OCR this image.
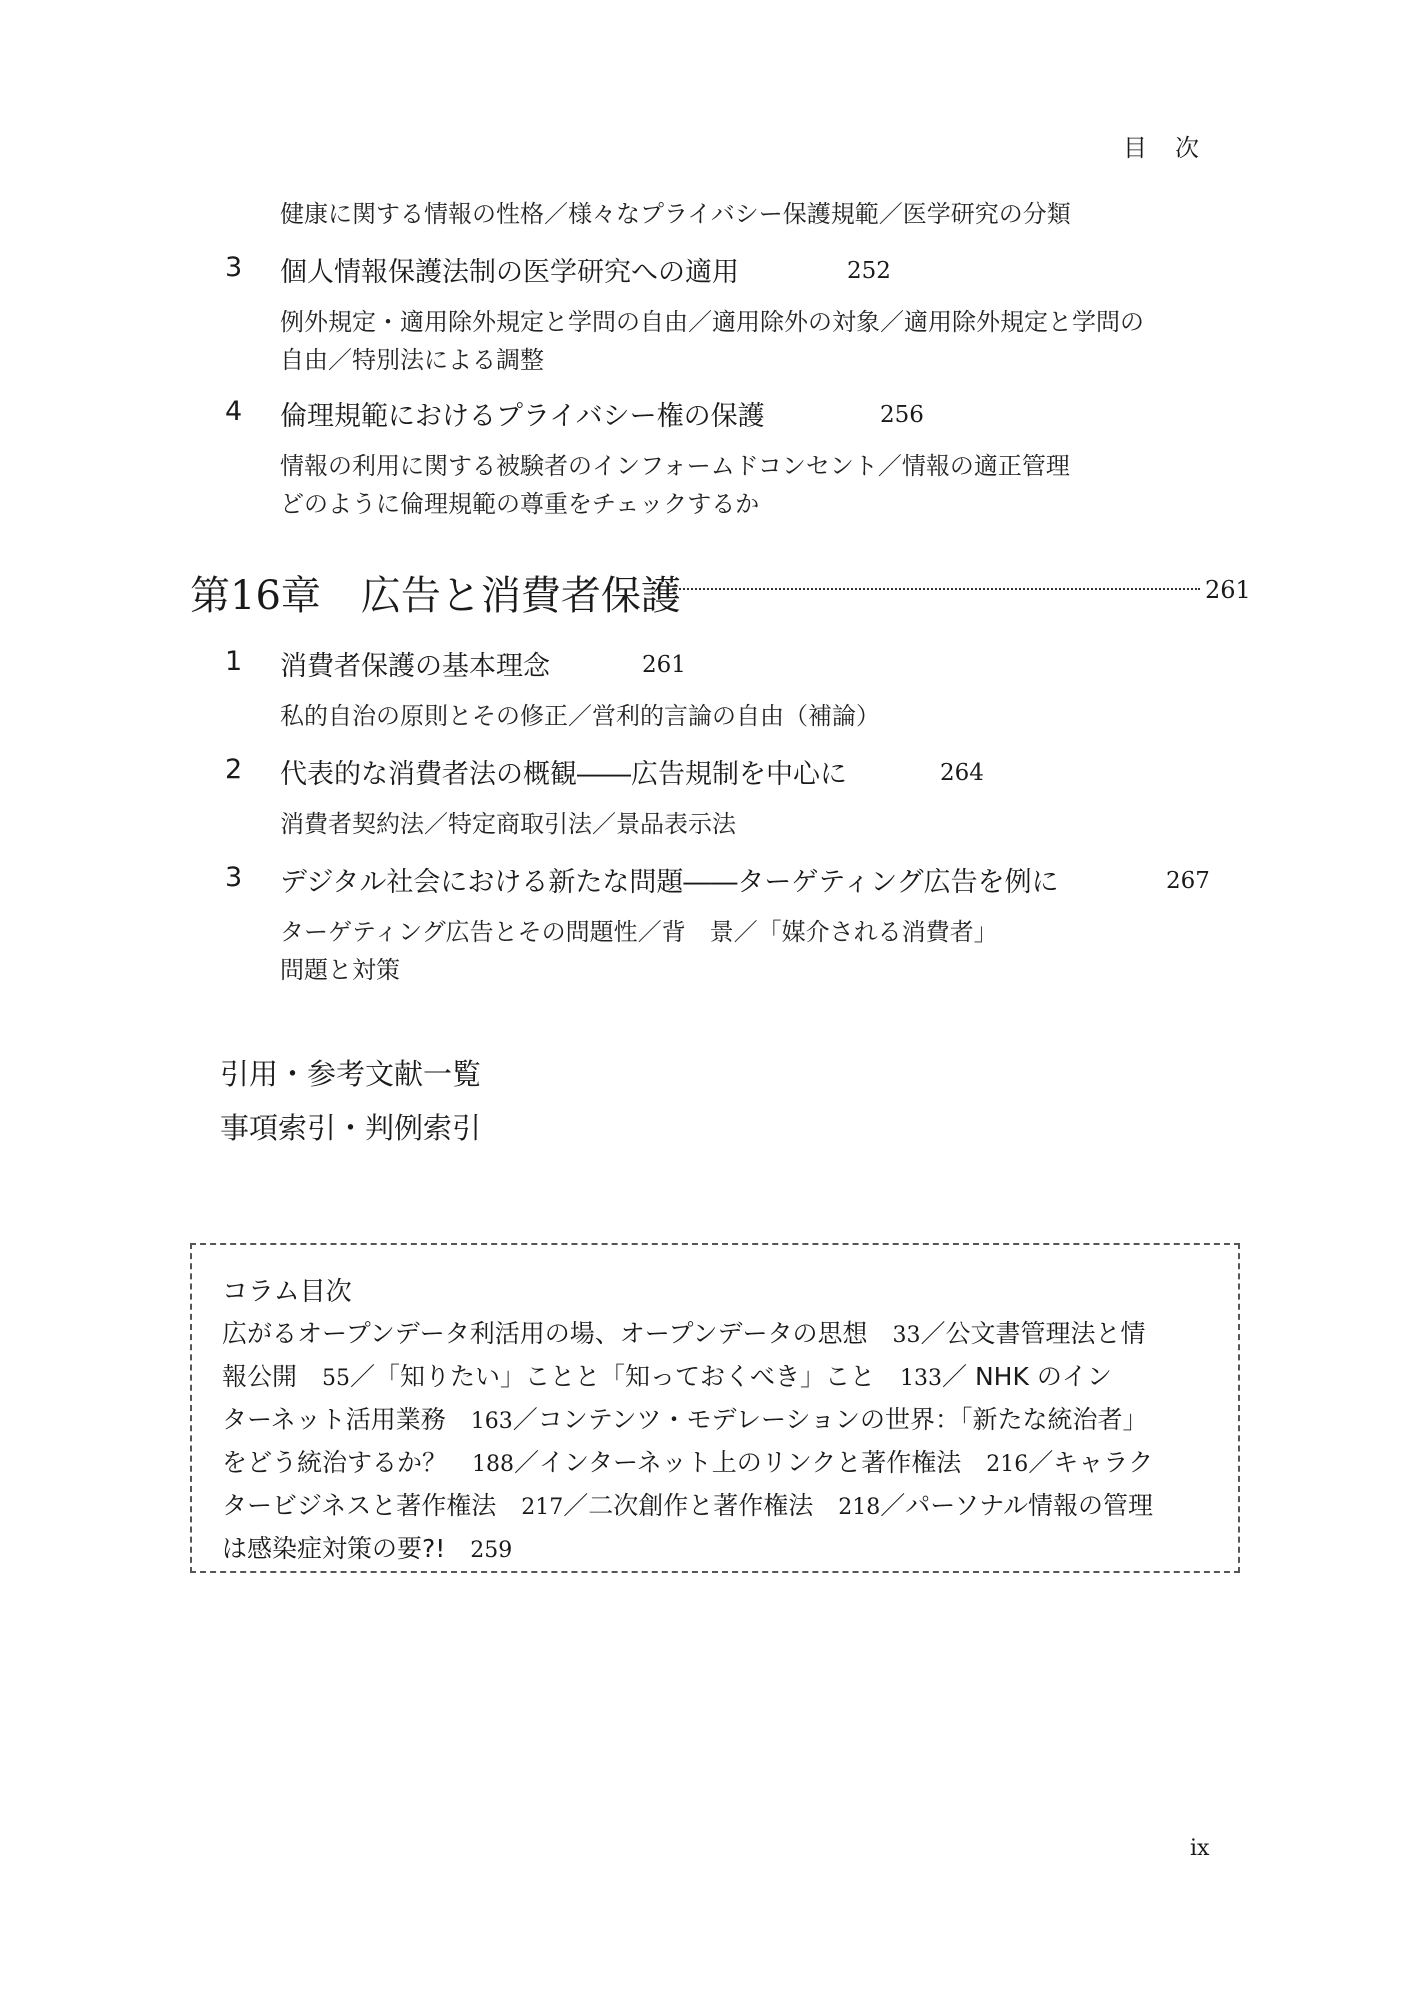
目次
健康に関する情報の性格／様々なプライバシー保護規範／医学研究の分類
3 個人情報保護法制の医学研究への適用	252
例外規定・適用除外規定と学問の自由／適用除外の対象／適用除外規定と学問の
自由／特別法による調整
4 倫理規範におけるプライバシー権の保護	256
情報の利用に関する被験者のインフォームドコンセント／情報の適正管理
どのように倫理規範の尊重をチェックするか
第16章　広告と消費者保護	261
1 消費者保護の基本理念	261
私的自治の原則とその修正／営利的言論の自由（補論）
2 代表的な消費者法の概観――広告規制を中心に	264
消費者契約法／特定商取引法／景品表示法
3 デジタル社会における新たな問題――ターゲティング広告を例に	267
ターゲティング広告とその問題性／背　景／「媒介される消費者」
問題と対策
引用・参考文献一覧
事項索引・判例索引
コラム目次
広がるオープンデータ利活用の場、オープンデータの思想　33／公文書管理法と情
報公開　55／「知りたい」ことと「知っておくべき」こと　133／ NHK のイン
ターネット活用業務　163／コンテンツ・モデレーションの世界：「新たな統治者」
をどう統治するか？　188／インターネット上のリンクと著作権法　216／キャラク
タービジネスと著作権法　217／二次創作と著作権法　218／パーソナル情報の管理
は感染症対策の要?!　259
ix
